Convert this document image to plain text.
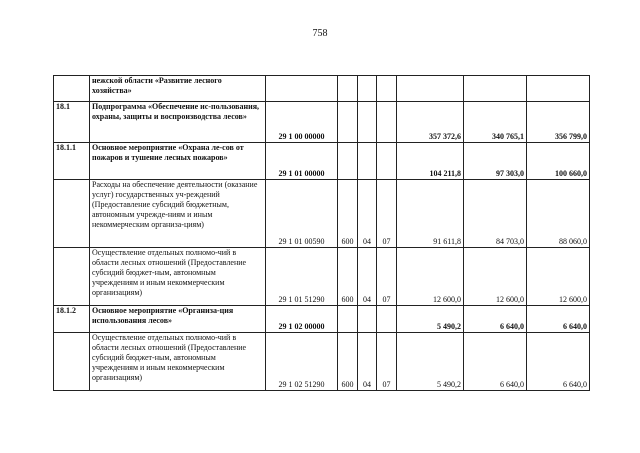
758
	нежской области «Развитие лесного хозяйства»							
18.1	Подпрограмма «Обеспечение ис-пользования, охраны, защиты и воспроизводства лесов»	29 1 00 00000				357 372,6	340 765,1	356 799,0
18.1.1	Основное мероприятие «Охрана ле-сов от пожаров и тушение лесных пожаров»	29 1 01 00000				104 211,8	97 303,0	100 660,0
	Расходы на обеспечение деятельности (оказание услуг) государственных уч-реждений (Предоставление субсидий бюджетным, автономным учрежде-ниям и иным некоммерческим организа-циям)	29 1 01 00590	600	04	07	91 611,8	84 703,0	88 060,0
	Осуществление отдельных полномо-чий в области лесных отношений (Предоставление субсидий бюджет-ным, автономным учреждениям и иным некоммерческим организациям)	29 1 01 51290	600	04	07	12 600,0	12 600,0	12 600,0
18.1.2	Основное мероприятие «Организа-ция использования лесов»	29 1 02 00000				5 490,2	6 640,0	6 640,0
	Осуществление отдельных полномо-чий в области лесных отношений (Предоставление субсидий бюджет-ным, автономным учреждениям и иным некоммерческим организациям)	29 1 02 51290	600	04	07	5 490,2	6 640,0	6 640,0
